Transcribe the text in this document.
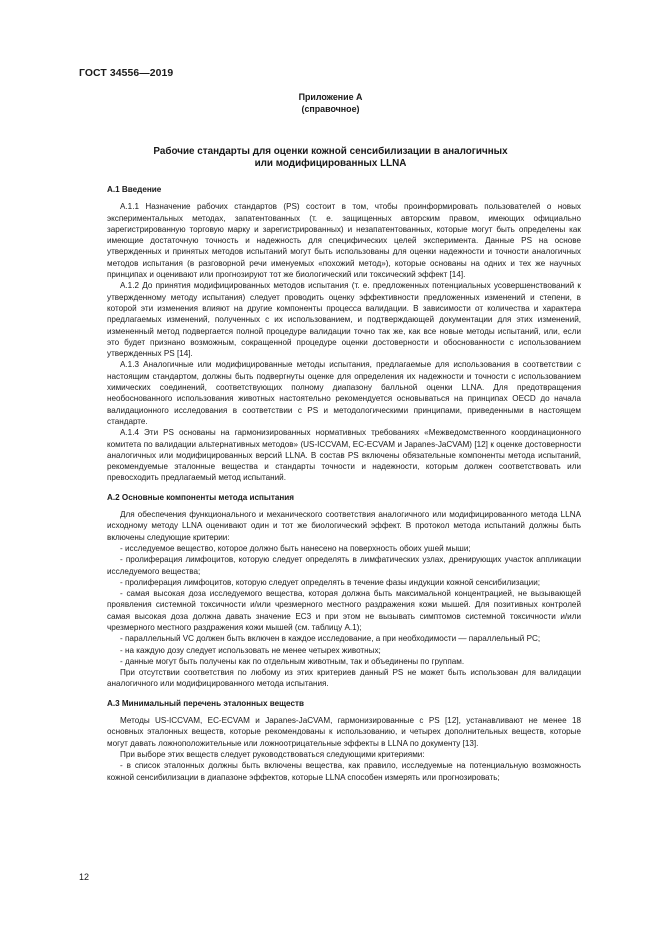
ГОСТ 34556—2019
Приложение А
(справочное)
Рабочие стандарты для оценки кожной сенсибилизации в аналогичных
или модифицированных LLNA

А.1 Введение

А.1.1 Назначение рабочих стандартов (PS) состоит в том, чтобы проинформировать пользователей о новых экспериментальных методах, запатентованных (т. е. защищенных авторским правом, имеющих официально зарегистрированную торговую марку и зарегистрированных) и незапатентованных, которые могут быть определены как имеющие достаточную точность и надежность для специфических целей эксперимента. Данные PS на основе утвержденных и принятых методов испытаний могут быть использованы для оценки надежности и точности аналогичных методов испытания (в разговорной речи именуемых «похожий метод»), которые основаны на одних и тех же научных принципах и оценивают или прогнозируют тот же биологический или токсический эффект [14].

А.1.2 До принятия модифицированных методов испытания (т. е. предложенных потенциальных усовершенствований к утвержденному методу испытания) следует проводить оценку эффективности предложенных изменений и степени, в которой эти изменения влияют на другие компоненты процесса валидации. В зависимости от количества и характера предлагаемых изменений, полученных с их использованием, и подтверждающей документации для этих изменений, измененный метод подвергается полной процедуре валидации точно так же, как все новые методы испытаний, или, если это будет признано возможным, сокращенной процедуре оценки достоверности и обоснованности с использованием утвержденных PS [14].

А.1.3 Аналогичные или модифицированные методы испытания, предлагаемые для использования в соответствии с настоящим стандартом, должны быть подвергнуты оценке для определения их надежности и точности с использованием химических соединений, соответствующих полному диапазону балльной оценки LLNA. Для предотвращения необоснованного использования животных настоятельно рекомендуется основываться на принципах OECD до начала валидационного исследования в соответствии с PS и методологическими принципами, приведенными в настоящем стандарте.

А.1.4 Эти PS основаны на гармонизированных нормативных требованиях «Межведомственного координационного комитета по валидации альтернативных методов» (US-ICCVAM, EC-ECVAM и Japanes-JaCVAM) [12] к оценке достоверности аналогичных или модифицированных версий LLNA. В состав PS включены обязательные компоненты метода испытаний, рекомендуемые эталонные вещества и стандарты точности и надежности, которым должен соответствовать или превосходить предлагаемый метод испытаний.

А.2 Основные компоненты метода испытания

Для обеспечения функционального и механического соответствия аналогичного или модифицированного метода LLNA исходному методу LLNA оценивают один и тот же биологический эффект. В протокол метода испытаний должны быть включены следующие критерии:

- исследуемое вещество, которое должно быть нанесено на поверхность обоих ушей мыши;

- пролиферация лимфоцитов, которую следует определять в лимфатических узлах, дренирующих участок аппликации исследуемого вещества;

- пролиферация лимфоцитов, которую следует определять в течение фазы индукции кожной сенсибилизации;

- самая высокая доза исследуемого вещества, которая должна быть максимальной концентрацией, не вызывающей проявления системной токсичности и/или чрезмерного местного раздражения кожи мышей. Для позитивных контролей самая высокая доза должна давать значение EC3 и при этом не вызывать симптомов системной токсичности и/или чрезмерного местного раздражения кожи мышей (см. таблицу А.1);

- параллельный VC должен быть включен в каждое исследование, а при необходимости — параллельный PC;

- на каждую дозу следует использовать не менее четырех животных;

- данные могут быть получены как по отдельным животным, так и объединены по группам.

При отсутствии соответствия по любому из этих критериев данный PS не может быть использован для валидации аналогичного или модифицированного метода испытания.

А.3 Минимальный перечень эталонных веществ

Методы US-ICCVAM, EC-ECVAM и Japanes-JaCVAM, гармонизированные с PS [12], устанавливают не менее 18 основных эталонных веществ, которые рекомендованы к использованию, и четырех дополнительных веществ, которые могут давать ложноположительные или ложноотрицательные эффекты в LLNA по документу [13].

При выборе этих веществ следует руководствоваться следующими критериями:

- в список эталонных должны быть включены вещества, как правило, исследуемые на потенциальную возможность кожной сенсибилизации в диапазоне эффектов, которые LLNA способен измерять или прогнозировать;

12
